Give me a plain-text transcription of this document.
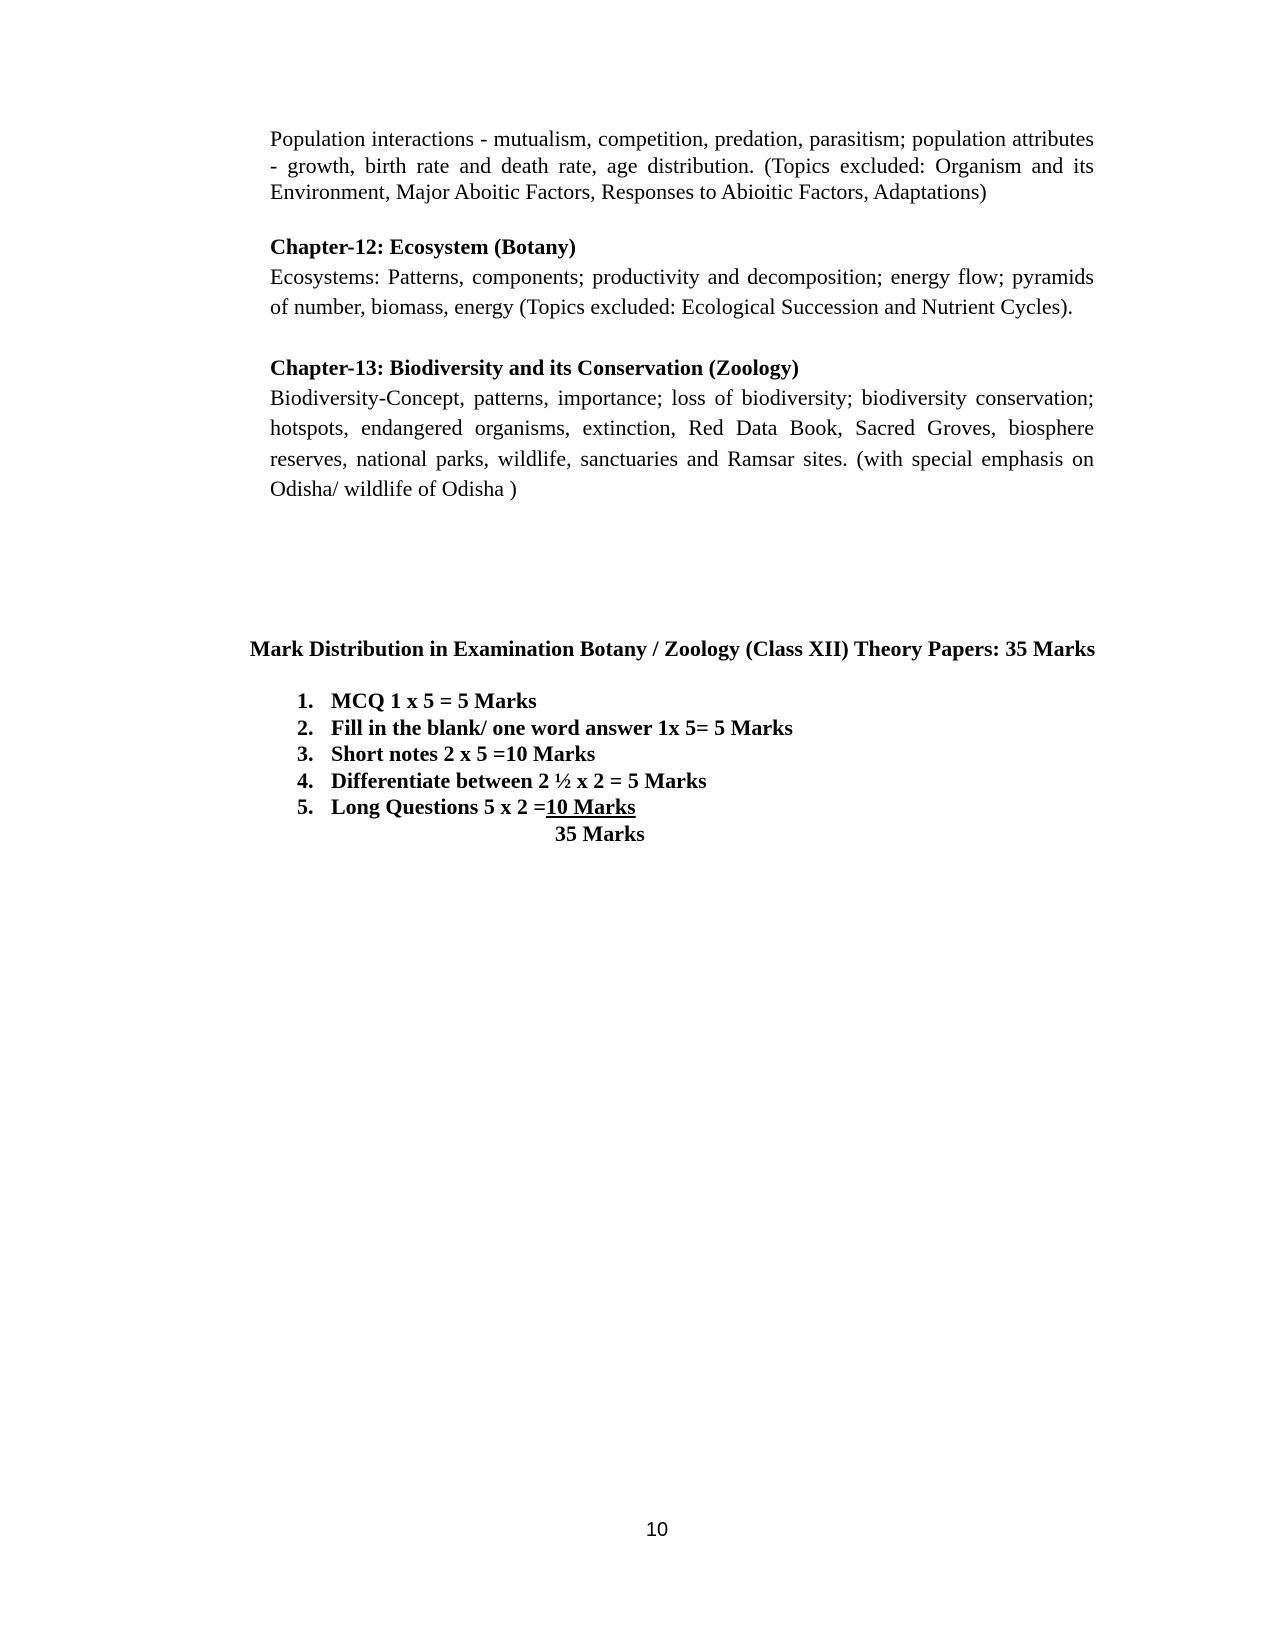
Population interactions - mutualism, competition, predation, parasitism; population attributes - growth, birth rate and death rate, age distribution. (Topics excluded: Organism and its Environment, Major Aboitic Factors, Responses to Abioitic Factors, Adaptations)

Chapter-12: Ecosystem (Botany)

Ecosystems: Patterns, components; productivity and decomposition; energy flow; pyramids of number, biomass, energy (Topics excluded: Ecological Succession and Nutrient Cycles).

Chapter-13: Biodiversity and its Conservation (Zoology)

Biodiversity-Concept, patterns, importance; loss of biodiversity; biodiversity conservation; hotspots, endangered organisms, extinction, Red Data Book, Sacred Groves, biosphere reserves, national parks, wildlife, sanctuaries and Ramsar sites. (with special emphasis on Odisha/ wildlife of Odisha )

Mark Distribution in Examination Botany / Zoology (Class XII) Theory Papers: 35 Marks

1. MCQ 1 x 5 = 5 Marks
2. Fill in the blank/ one word answer 1x 5= 5 Marks
3. Short notes 2 x 5 =10 Marks
4. Differentiate between 2 ½ x 2 = 5 Marks
5. Long Questions 5 x 2 =10 Marks
35 Marks
10
